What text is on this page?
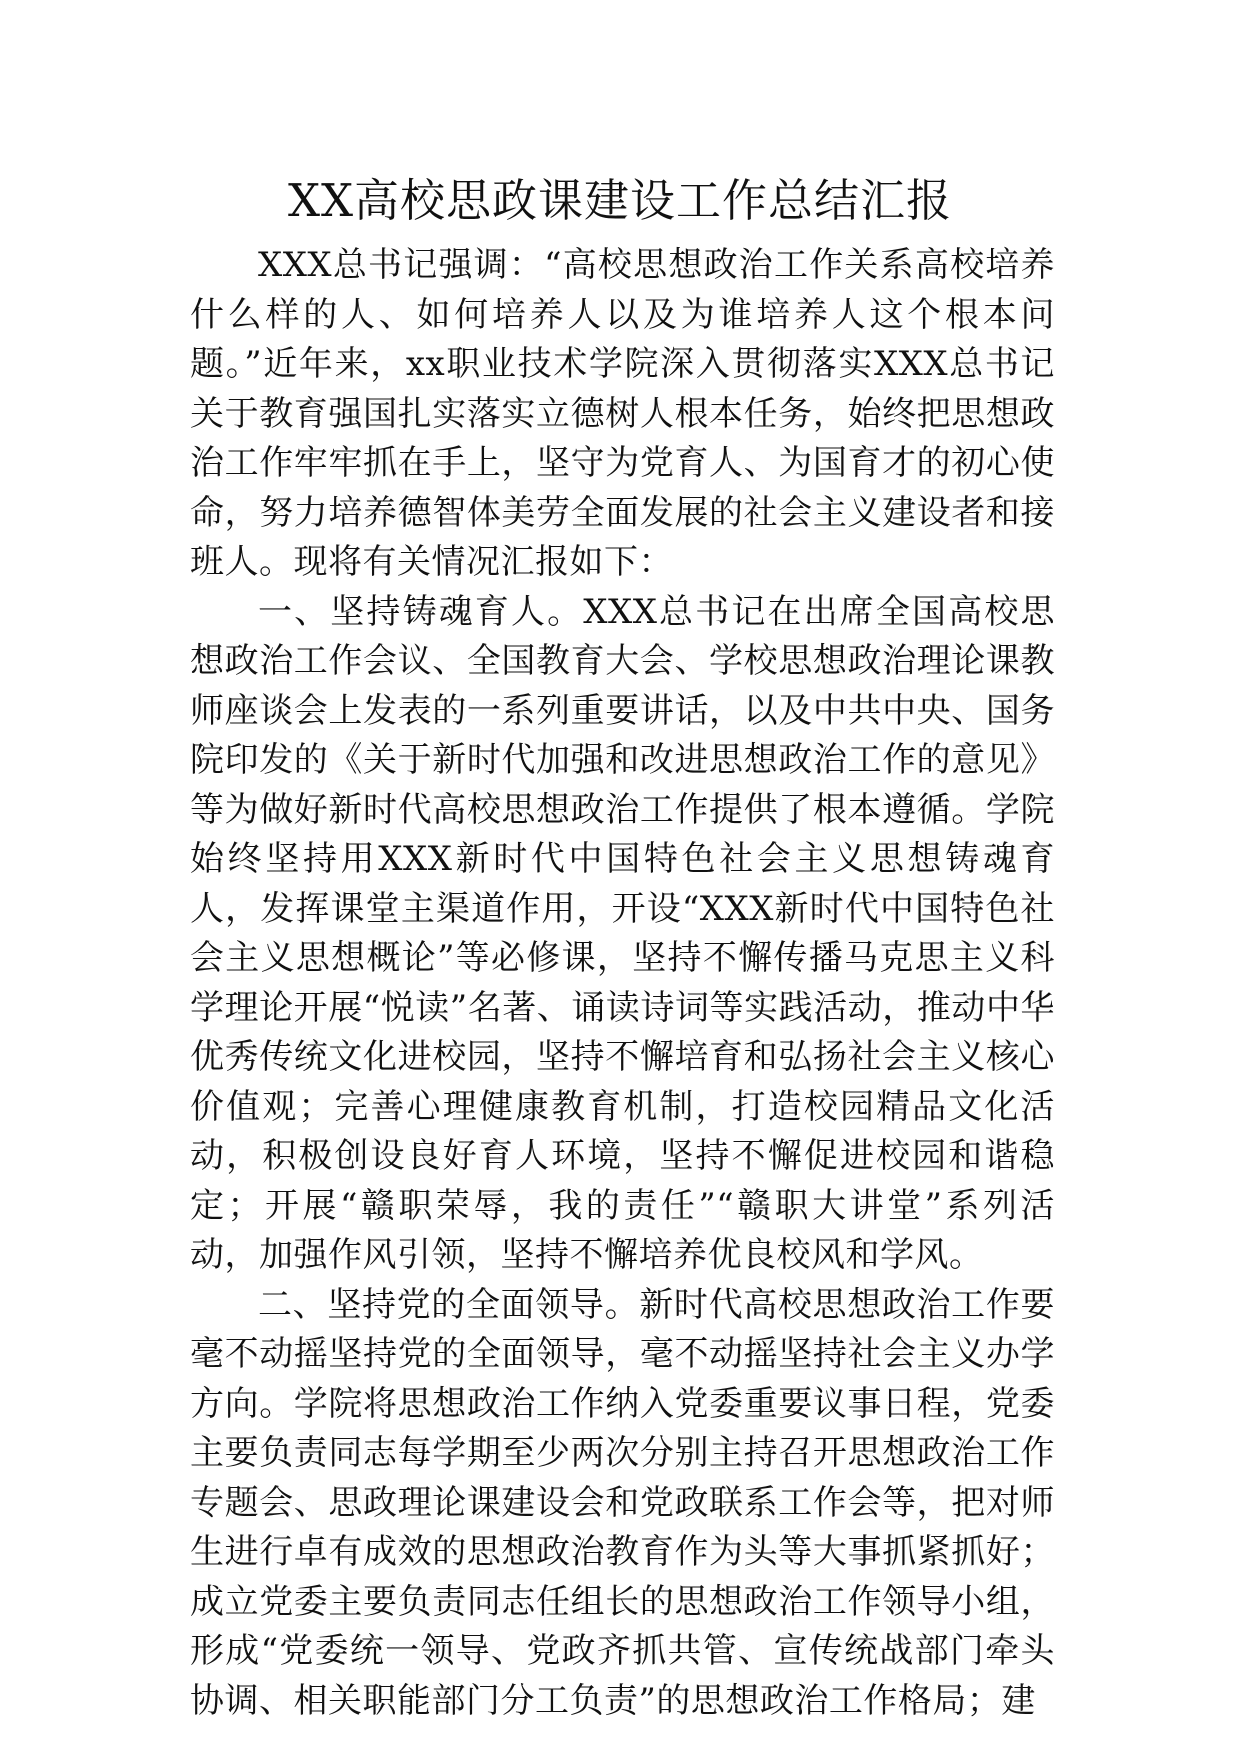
XX高校思政课建设工作总结汇报

XXX总书记强调：“高校思想政治工作关系高校培养什么样的人、如何培养人以及为谁培养人这个根本问题。”近年来，xx职业技术学院深入贯彻落实XXX总书记关于教育强国扎实落实立德树人根本任务，始终把思想政治工作牢牢抓在手上，坚守为党育人、为国育才的初心使命，努力培养德智体美劳全面发展的社会主义建设者和接班人。现将有关情况汇报如下：

一、坚持铸魂育人。XXX总书记在出席全国高校思想政治工作会议、全国教育大会、学校思想政治理论课教师座谈会上发表的一系列重要讲话，以及中共中央、国务院印发的《关于新时代加强和改进思想政治工作的意见》等为做好新时代高校思想政治工作提供了根本遵循。学院始终坚持用XXX新时代中国特色社会主义思想铸魂育人，发挥课堂主渠道作用，开设“XXX新时代中国特色社会主义思想概论”等必修课，坚持不懈传播马克思主义科学理论开展“悦读”名著、诵读诗词等实践活动，推动中华优秀传统文化进校园，坚持不懈培育和弘扬社会主义核心价值观；完善心理健康教育机制，打造校园精品文化活动，积极创设良好育人环境，坚持不懈促进校园和谐稳定；开展“赣职荣辱，我的责任”“赣职大讲堂”系列活动，加强作风引领，坚持不懈培养优良校风和学风。

二、坚持党的全面领导。新时代高校思想政治工作要毫不动摇坚持党的全面领导，毫不动摇坚持社会主义办学方向。学院将思想政治工作纳入党委重要议事日程，党委主要负责同志每学期至少两次分别主持召开思想政治工作专题会、思政理论课建设会和党政联系工作会等，把对师生进行卓有成效的思想政治教育作为头等大事抓紧抓好；成立党委主要负责同志任组长的思想政治工作领导小组，形成“党委统一领导、党政齐抓共管、宣传统战部门牵头协调、相关职能部门分工负责”的思想政治工作格局；建
